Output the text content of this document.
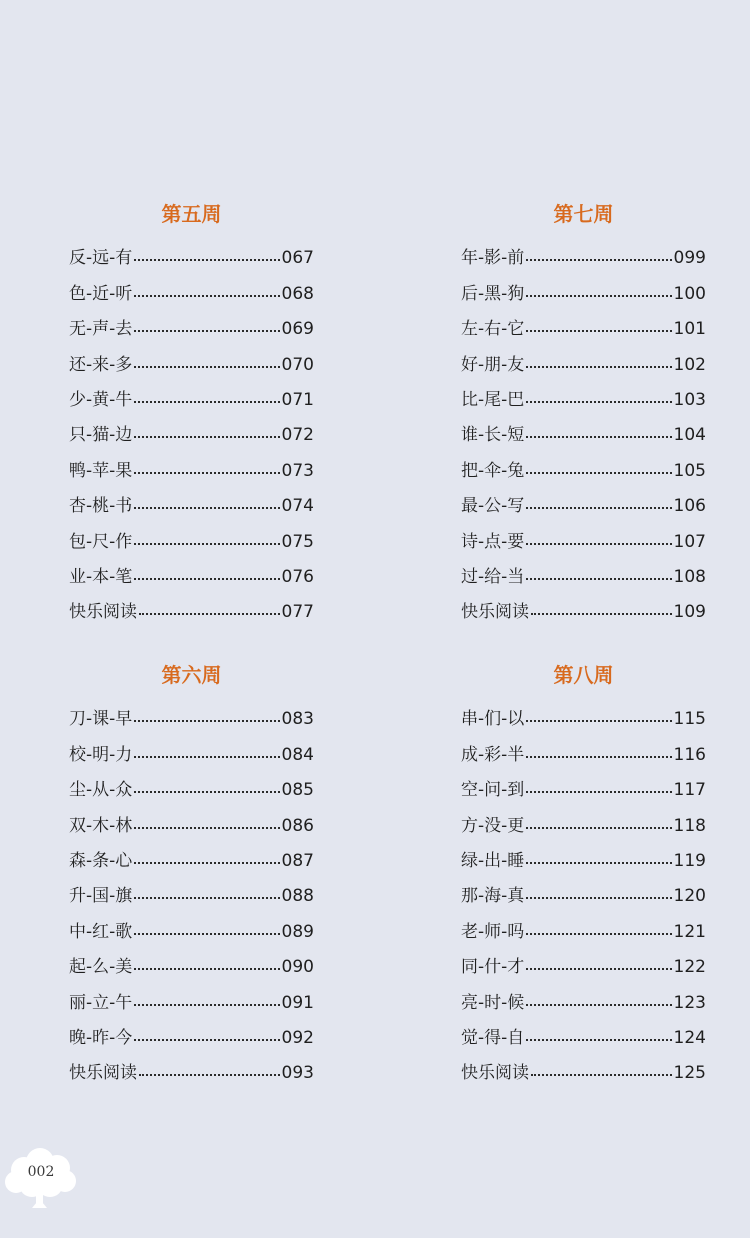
第五周
反-远-有	067
色-近-听	068
无-声-去	069
还-来-多	070
少-黄-牛	071
只-猫-边	072
鸭-苹-果	073
杏-桃-书	074
包-尺-作	075
业-本-笔	076
快乐阅读	077
第七周
年-影-前	099
后-黑-狗	100
左-右-它	101
好-朋-友	102
比-尾-巴	103
谁-长-短	104
把-伞-兔	105
最-公-写	106
诗-点-要	107
过-给-当	108
快乐阅读	109
第六周
刀-课-早	083
校-明-力	084
尘-从-众	085
双-木-林	086
森-条-心	087
升-国-旗	088
中-红-歌	089
起-么-美	090
丽-立-午	091
晚-昨-今	092
快乐阅读	093
第八周
串-们-以	115
成-彩-半	116
空-问-到	117
方-没-更	118
绿-出-睡	119
那-海-真	120
老-师-吗	121
同-什-才	122
亮-时-候	123
觉-得-自	124
快乐阅读	125
002
